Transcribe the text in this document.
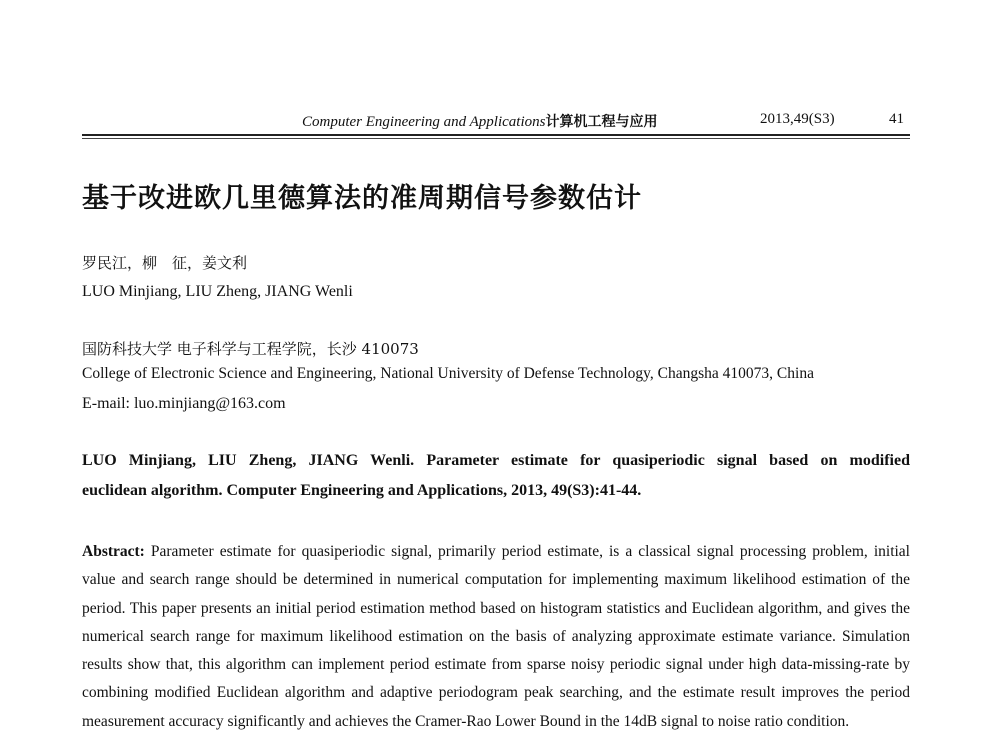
Computer Engineering and Applications计算机工程与应用	2013,49(S3)	41
基于改进欧几里德算法的准周期信号参数估计
罗民江，柳　征，姜文利
LUO Minjiang, LIU Zheng, JIANG Wenli
国防科技大学 电子科学与工程学院，长沙 410073
College of Electronic Science and Engineering, National University of Defense Technology, Changsha 410073, China
E-mail: luo.minjiang@163.com
LUO Minjiang, LIU Zheng, JIANG Wenli. Parameter estimate for quasiperiodic signal based on modified
euclidean algorithm. Computer Engineering and Applications, 2013, 49(S3):41-44.
Abstract: Parameter estimate for quasiperiodic signal, primarily period estimate, is a classical signal processing problem, initial value and search range should be determined in numerical computation for implementing maximum likelihood estimation of the period. This paper presents an initial period estimation method based on histogram statistics and Euclidean algorithm, and gives the numerical search range for maximum likelihood estimation on the basis of analyzing approximate estimate variance. Simulation results show that, this algorithm can implement period estimate from sparse noisy periodic signal under high data-missing-rate by combining modified Euclidean algorithm and adaptive periodogram peak searching, and the estimate result improves the period measurement accuracy significantly and achieves the Cramer-Rao Lower Bound in the 14dB signal to noise ratio condition.
